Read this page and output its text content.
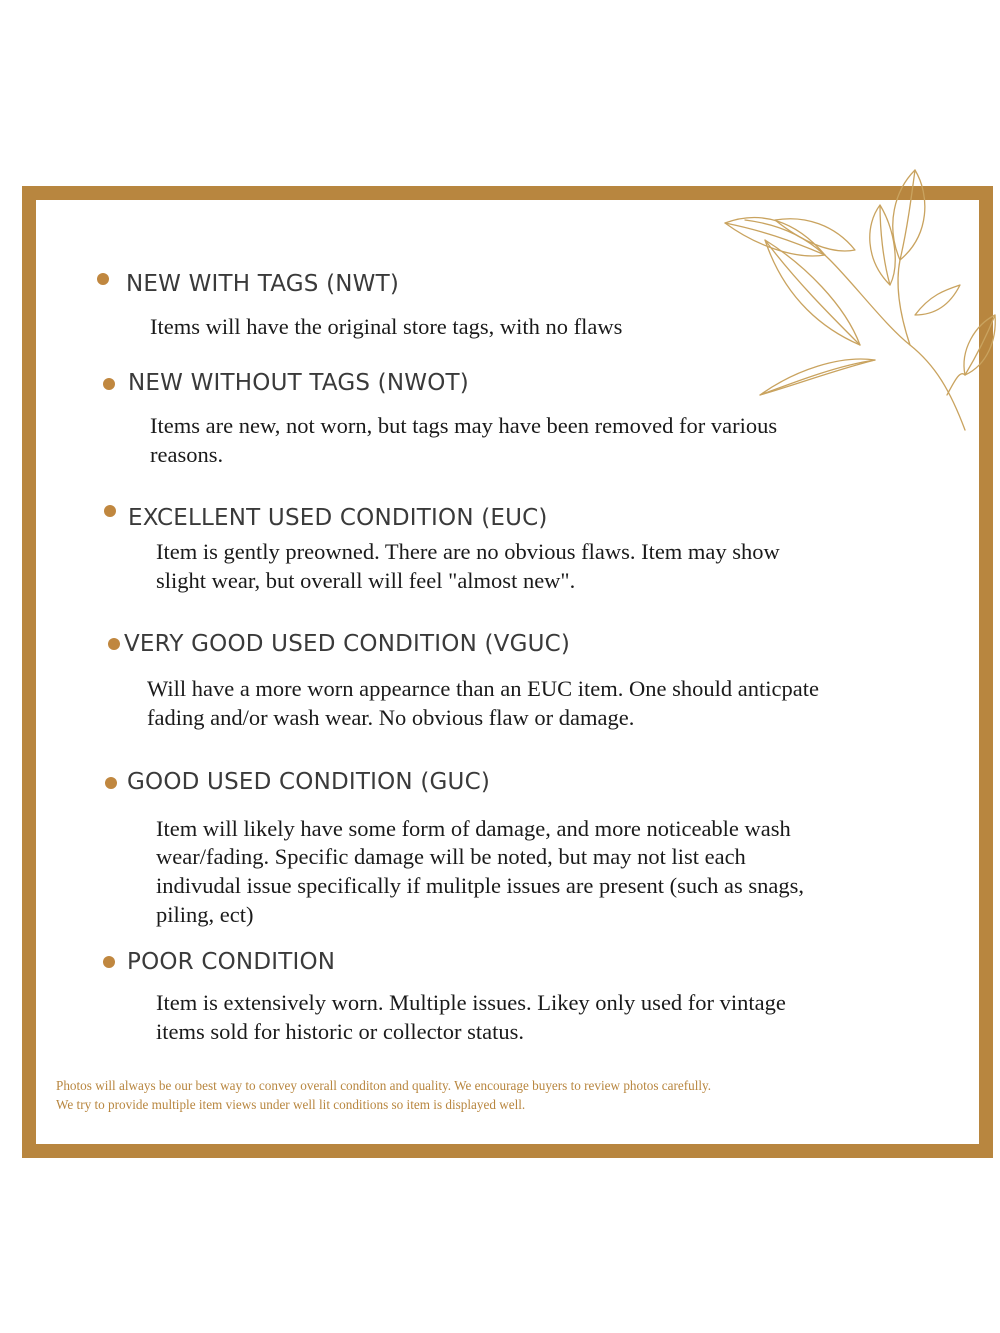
NEW WITH TAGS (NWT)
Items will have the original store tags, with no flaws
NEW WITHOUT TAGS (NWOT)
Items are new, not worn, but tags may have been removed for various
reasons.
EXCELLENT USED CONDITION (EUC)
Item is gently preowned. There are no obvious flaws. Item may show
slight wear, but overall will feel "almost new".
VERY GOOD USED CONDITION (VGUC)
Will have a more worn appearnce than an EUC item. One should anticpate
fading and/or wash wear. No obvious flaw or damage.
GOOD USED CONDITION (GUC)
Item will likely have some form of damage, and more noticeable wash
wear/fading. Specific damage will be noted, but may not list each
indivudal issue specifically if mulitple issues are present (such as snags,
piling, ect)
POOR CONDITION
Item is extensively worn. Multiple issues. Likey only used for vintage
items sold for historic or collector status.
Photos will always be our best way to convey overall conditon and quality. We encourage buyers to review photos carefully.
We try to provide multiple item views under well lit conditions so item is displayed well.
